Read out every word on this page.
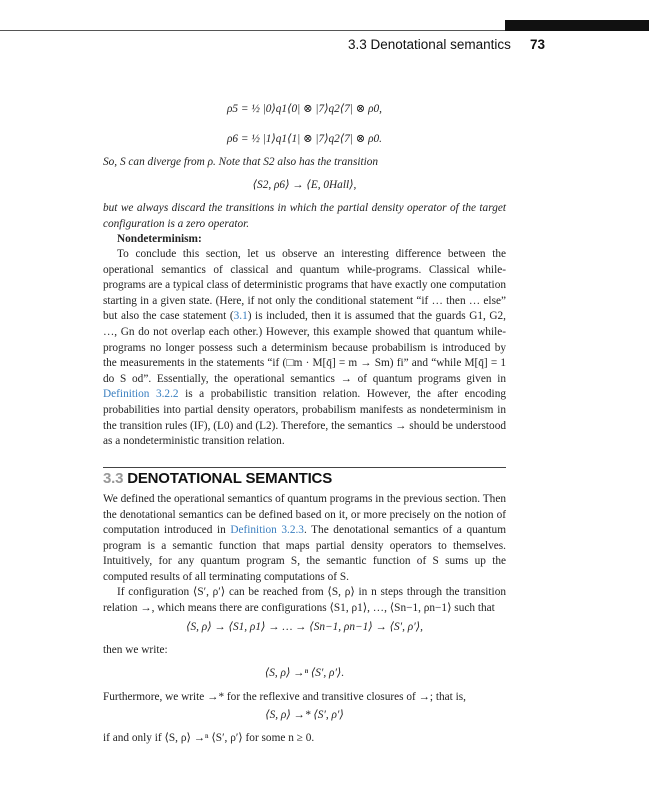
3.3 Denotational semantics 73
ρ5 = ½ |0⟩q1⟨0| ⊗ |7⟩q2⟨7| ⊗ ρ0,
ρ6 = ½ |1⟩q1⟨1| ⊗ |7⟩q2⟨7| ⊗ ρ0.
So, S can diverge from ρ. Note that S2 also has the transition
⟨S2, ρ6⟩ → ⟨E, 0Hall⟩,
but we always discard the transitions in which the partial density operator of the target configuration is a zero operator.
Nondeterminism:
To conclude this section, let us observe an interesting difference between the operational semantics of classical and quantum while-programs. Classical while-programs are a typical class of deterministic programs that have exactly one computation starting in a given state. (Here, if not only the conditional statement “if … then … else” but also the case statement (3.1) is included, then it is assumed that the guards G1, G2, …, Gn do not overlap each other.) However, this example showed that quantum while-programs no longer possess such a determinism because probabilism is introduced by the measurements in the statements “if (□m · M[q̄] = m → Sm) fi” and “while M[q̄] = 1 do S od”. Essentially, the operational semantics → of quantum programs given in Definition 3.2.2 is a probabilistic transition relation. However, the after encoding probabilities into partial density operators, probabilism manifests as nondeterminism in the transition rules (IF), (L0) and (L2). Therefore, the semantics → should be understood as a nondeterministic transition relation.
3.3 DENOTATIONAL SEMANTICS
We defined the operational semantics of quantum programs in the previous section. Then the denotational semantics can be defined based on it, or more precisely on the notion of computation introduced in Definition 3.2.3. The denotational semantics of a quantum program is a semantic function that maps partial density operators to themselves. Intuitively, for any quantum program S, the semantic function of S sums up the computed results of all terminating computations of S.
If configuration ⟨S′, ρ′⟩ can be reached from ⟨S, ρ⟩ in n steps through the transition relation →, which means there are configurations ⟨S1, ρ1⟩, …, ⟨Sn−1, ρn−1⟩ such that
⟨S, ρ⟩ → ⟨S1, ρ1⟩ → … → ⟨Sn−1, ρn−1⟩ → ⟨S′, ρ′⟩,
then we write:
⟨S, ρ⟩ →ⁿ ⟨S′, ρ′⟩.
Furthermore, we write →* for the reflexive and transitive closures of →; that is,
⟨S, ρ⟩ →* ⟨S′, ρ′⟩
if and only if ⟨S, ρ⟩ →ⁿ ⟨S′, ρ′⟩ for some n ≥ 0.
